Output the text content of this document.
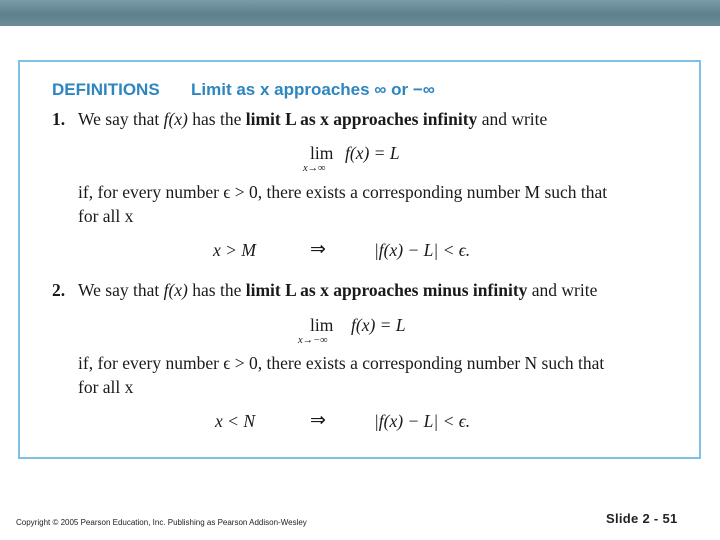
DEFINITIONS Limit as x approaches ∞ or −∞
1. We say that f(x) has the limit L as x approaches infinity and write
lim
x→∞
f(x) = L
if, for every number ϵ > 0, there exists a corresponding number M such that
for all x
x > M	⇒	|f(x) − L| < ϵ.
2. We say that f(x) has the limit L as x approaches minus infinity and write
lim
x→−∞
f(x) = L
if, for every number ϵ > 0, there exists a corresponding number N such that
for all x
x < N	⇒	|f(x) − L| < ϵ.
Copyright © 2005 Pearson Education, Inc. Publishing as Pearson Addison-Wesley	Slide 2 - 51
